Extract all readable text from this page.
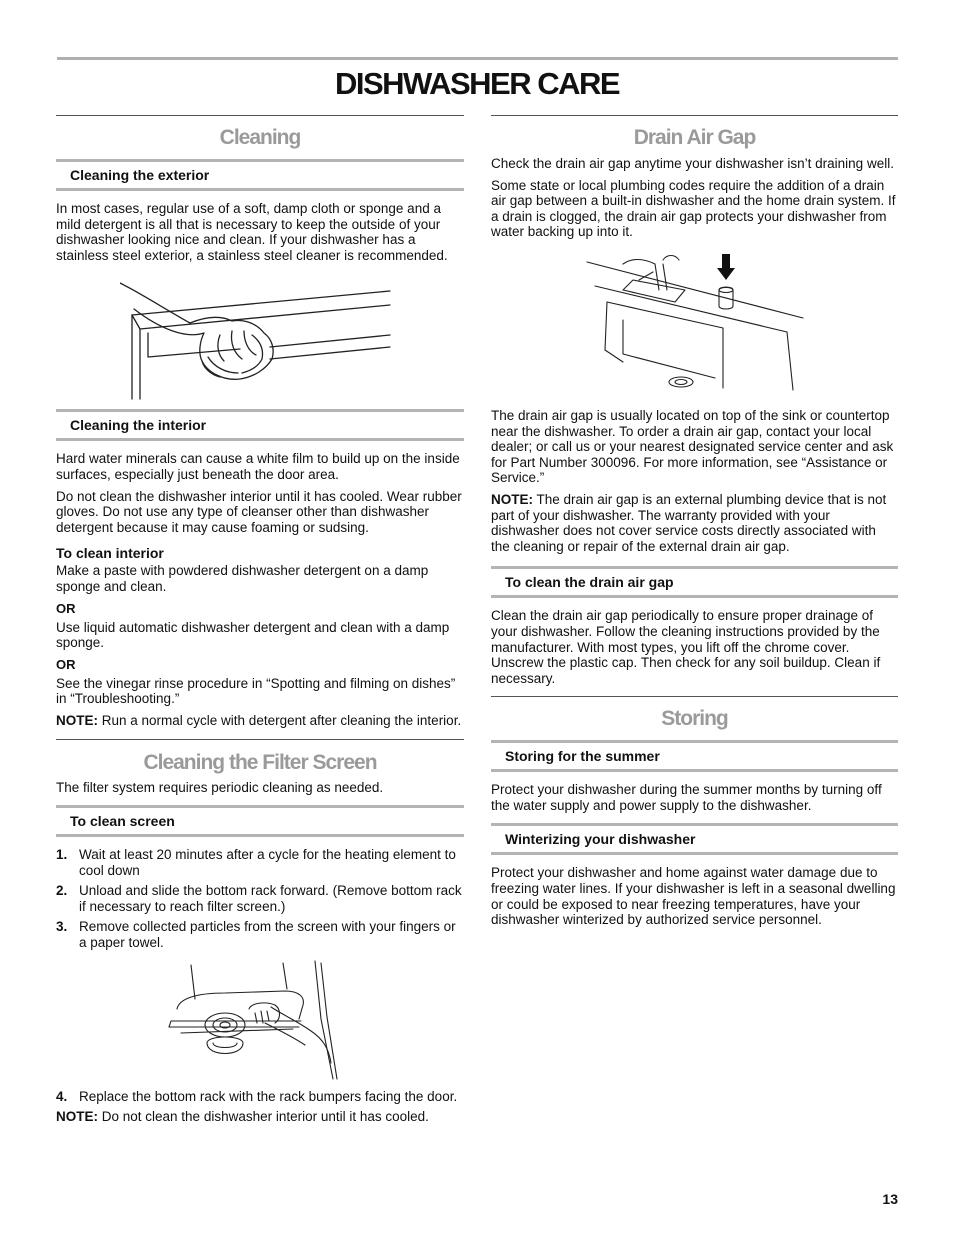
DISHWASHER CARE
Cleaning
Cleaning the exterior

In most cases, regular use of a soft, damp cloth or sponge and a mild detergent is all that is necessary to keep the outside of your dishwasher looking nice and clean. If your dishwasher has a stainless steel exterior, a stainless steel cleaner is recommended.

Cleaning the interior

Hard water minerals can cause a white film to build up on the inside surfaces, especially just beneath the door area.

Do not clean the dishwasher interior until it has cooled. Wear rubber gloves. Do not use any type of cleanser other than dishwasher detergent because it may cause foaming or sudsing.

To clean interior

Make a paste with powdered dishwasher detergent on a damp sponge and clean.

OR

Use liquid automatic dishwasher detergent and clean with a damp sponge.

OR

See the vinegar rinse procedure in “Spotting and filming on dishes” in “Troubleshooting.”

NOTE: Run a normal cycle with detergent after cleaning the interior.

Cleaning the Filter Screen

The filter system requires periodic cleaning as needed.

To clean screen
1. Wait at least 20 minutes after a cycle for the heating element to cool down
2. Unload and slide the bottom rack forward. (Remove bottom rack if necessary to reach filter screen.)
3. Remove collected particles from the screen with your fingers or a paper towel.
4. Replace the bottom rack with the rack bumpers facing the door.

NOTE: Do not clean the dishwasher interior until it has cooled.

Drain Air Gap

Check the drain air gap anytime your dishwasher isn’t draining well.

Some state or local plumbing codes require the addition of a drain air gap between a built-in dishwasher and the home drain system. If a drain is clogged, the drain air gap protects your dishwasher from water backing up into it.

The drain air gap is usually located on top of the sink or countertop near the dishwasher. To order a drain air gap, contact your local dealer; or call us or your nearest designated service center and ask for Part Number 300096. For more information, see “Assistance or Service.”

NOTE: The drain air gap is an external plumbing device that is not part of your dishwasher. The warranty provided with your dishwasher does not cover service costs directly associated with the cleaning or repair of the external drain air gap.

To clean the drain air gap

Clean the drain air gap periodically to ensure proper drainage of your dishwasher. Follow the cleaning instructions provided by the manufacturer. With most types, you lift off the chrome cover. Unscrew the plastic cap. Then check for any soil buildup. Clean if necessary.

Storing
Storing for the summer

Protect your dishwasher during the summer months by turning off the water supply and power supply to the dishwasher.

Winterizing your dishwasher

Protect your dishwasher and home against water damage due to freezing water lines. If your dishwasher is left in a seasonal dwelling or could be exposed to near freezing temperatures, have your dishwasher winterized by authorized service personnel.

13
